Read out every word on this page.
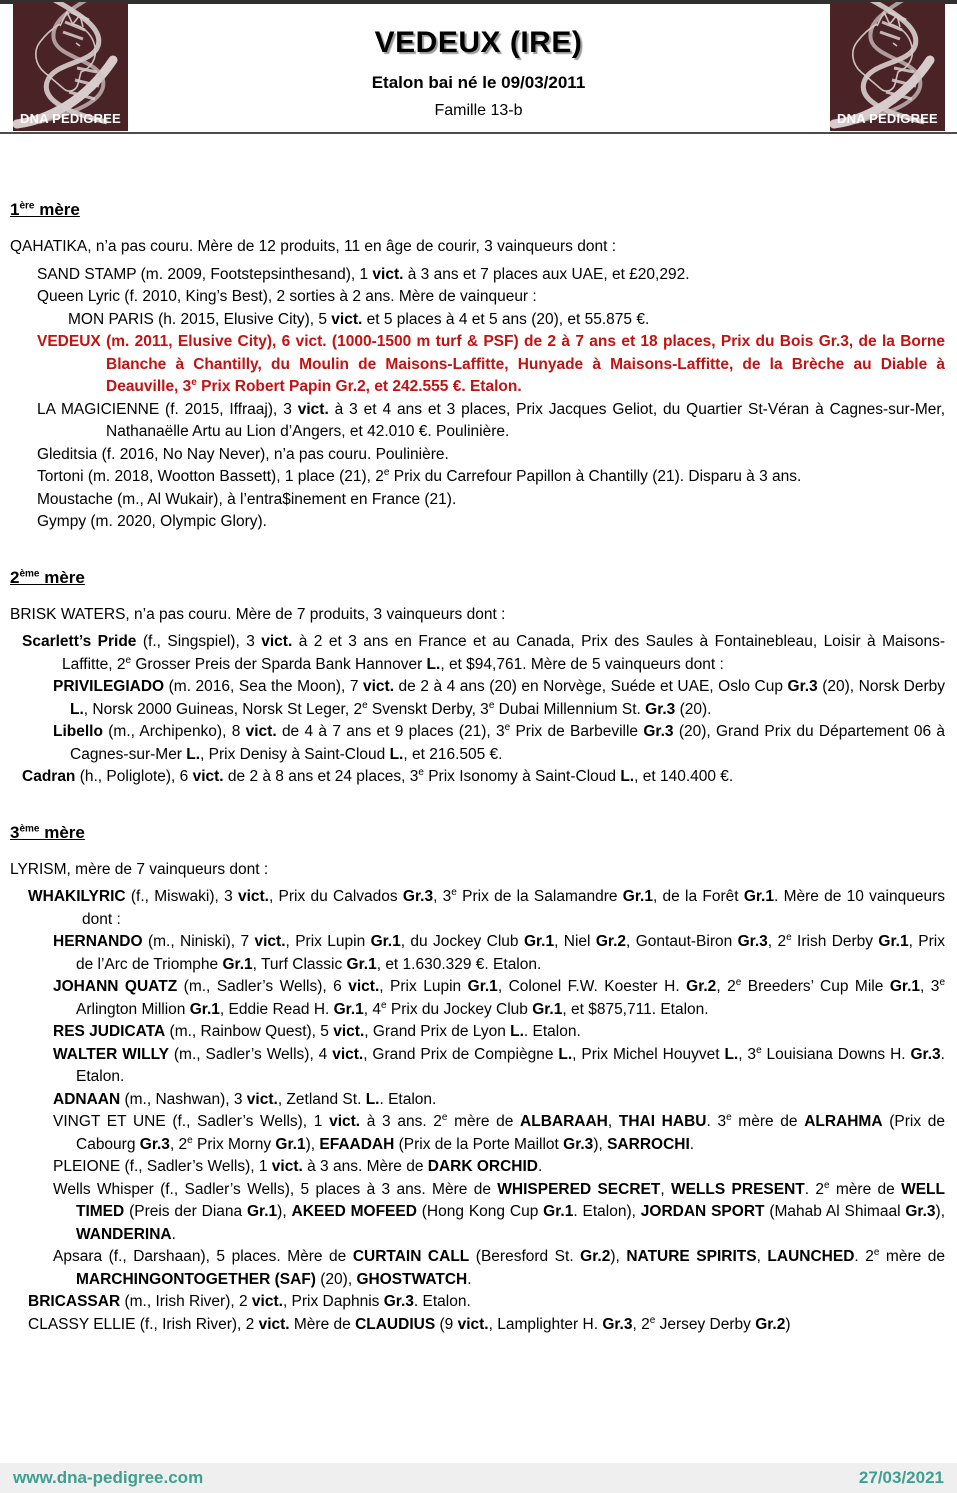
DNA PEDIGREE	DNA PEDIGREE
VEDEUX (IRE)
Etalon bai né le 09/03/2011
Famille 13-b
1ère mère

QAHATIKA, n’a pas couru. Mère de 12 produits, 11 en âge de courir, 3 vainqueurs dont :

SAND STAMP (m. 2009, Footstepsinthesand), 1 vict. à 3 ans et 7 places aux UAE, et £20,292.

Queen Lyric (f. 2010, King’s Best), 2 sorties à 2 ans. Mère de vainqueur :

MON PARIS (h. 2015, Elusive City), 5 vict. et 5 places à 4 et 5 ans (20), et 55.875 €.

VEDEUX (m. 2011, Elusive City), 6 vict. (1000-1500 m turf & PSF) de 2 à 7 ans et 18 places, Prix du Bois Gr.3, de la Borne Blanche à Chantilly, du Moulin de Maisons-Laffitte, Hunyade à Maisons-Laffitte, de la Brèche au Diable à Deauville, 3e Prix Robert Papin Gr.2, et 242.555 €. Etalon.

LA MAGICIENNE (f. 2015, Iffraaj), 3 vict. à 3 et 4 ans et 3 places, Prix Jacques Geliot, du Quartier St-Véran à Cagnes-sur-Mer, Nathanaëlle Artu au Lion d’Angers, et 42.010 €. Poulinière.

Gleditsia (f. 2016, No Nay Never), n’a pas couru. Poulinière.

Tortoni (m. 2018, Wootton Bassett), 1 place (21), 2e Prix du Carrefour Papillon à Chantilly (21). Disparu à 3 ans.

Moustache (m., Al Wukair), à l’entra$inement en France (21).

Gympy (m. 2020, Olympic Glory).

2ème mère

BRISK WATERS, n’a pas couru. Mère de 7 produits, 3 vainqueurs dont :

Scarlett’s Pride (f., Singspiel), 3 vict. à 2 et 3 ans en France et au Canada, Prix des Saules à Fontainebleau, Loisir à Maisons-Laffitte, 2e Grosser Preis der Sparda Bank Hannover L., et $94,761. Mère de 5 vainqueurs dont :

PRIVILEGIADO (m. 2016, Sea the Moon), 7 vict. de 2 à 4 ans (20) en Norvège, Suéde et UAE, Oslo Cup Gr.3 (20), Norsk Derby L., Norsk 2000 Guineas, Norsk St Leger, 2e Svenskt Derby, 3e Dubai Millennium St. Gr.3 (20).

Libello (m., Archipenko), 8 vict. de 4 à 7 ans et 9 places (21), 3e Prix de Barbeville Gr.3 (20), Grand Prix du Département 06 à Cagnes-sur-Mer L., Prix Denisy à Saint-Cloud L., et 216.505 €.

Cadran (h., Poliglote), 6 vict. de 2 à 8 ans et 24 places, 3e Prix Isonomy à Saint-Cloud L., et 140.400 €.

3ème mère

LYRISM, mère de 7 vainqueurs dont :

WHAKILYRIC (f., Miswaki), 3 vict., Prix du Calvados Gr.3, 3e Prix de la Salamandre Gr.1, de la Forêt Gr.1. Mère de 10 vainqueurs dont :

HERNANDO (m., Niniski), 7 vict., Prix Lupin Gr.1, du Jockey Club Gr.1, Niel Gr.2, Gontaut-Biron Gr.3, 2e Irish Derby Gr.1, Prix de l’Arc de Triomphe Gr.1, Turf Classic Gr.1, et 1.630.329 €. Etalon.

JOHANN QUATZ (m., Sadler’s Wells), 6 vict., Prix Lupin Gr.1, Colonel F.W. Koester H. Gr.2, 2e Breeders’ Cup Mile Gr.1, 3e Arlington Million Gr.1, Eddie Read H. Gr.1, 4e Prix du Jockey Club Gr.1, et $875,711. Etalon.

RES JUDICATA (m., Rainbow Quest), 5 vict., Grand Prix de Lyon L.. Etalon.

WALTER WILLY (m., Sadler’s Wells), 4 vict., Grand Prix de Compiègne L., Prix Michel Houyvet L., 3e Louisiana Downs H. Gr.3. Etalon.

ADNAAN (m., Nashwan), 3 vict., Zetland St. L.. Etalon.

VINGT ET UNE (f., Sadler’s Wells), 1 vict. à 3 ans. 2e mère de ALBARAAH, THAI HABU. 3e mère de ALRAHMA (Prix de Cabourg Gr.3, 2e Prix Morny Gr.1), EFAADAH (Prix de la Porte Maillot Gr.3), SARROCHI.

PLEIONE (f., Sadler’s Wells), 1 vict. à 3 ans. Mère de DARK ORCHID.

Wells Whisper (f., Sadler’s Wells), 5 places à 3 ans. Mère de WHISPERED SECRET, WELLS PRESENT. 2e mère de WELL TIMED (Preis der Diana Gr.1), AKEED MOFEED (Hong Kong Cup Gr.1. Etalon), JORDAN SPORT (Mahab Al Shimaal Gr.3), WANDERINA.

Apsara (f., Darshaan), 5 places. Mère de CURTAIN CALL (Beresford St. Gr.2), NATURE SPIRITS, LAUNCHED. 2e mère de MARCHINGONTOGETHER (SAF) (20), GHOSTWATCH.

BRICASSAR (m., Irish River), 2 vict., Prix Daphnis Gr.3. Etalon.

CLASSY ELLIE (f., Irish River), 2 vict. Mère de CLAUDIUS (9 vict., Lamplighter H. Gr.3, 2e Jersey Derby Gr.2)

www.dna-pedigree.com	27/03/2021
